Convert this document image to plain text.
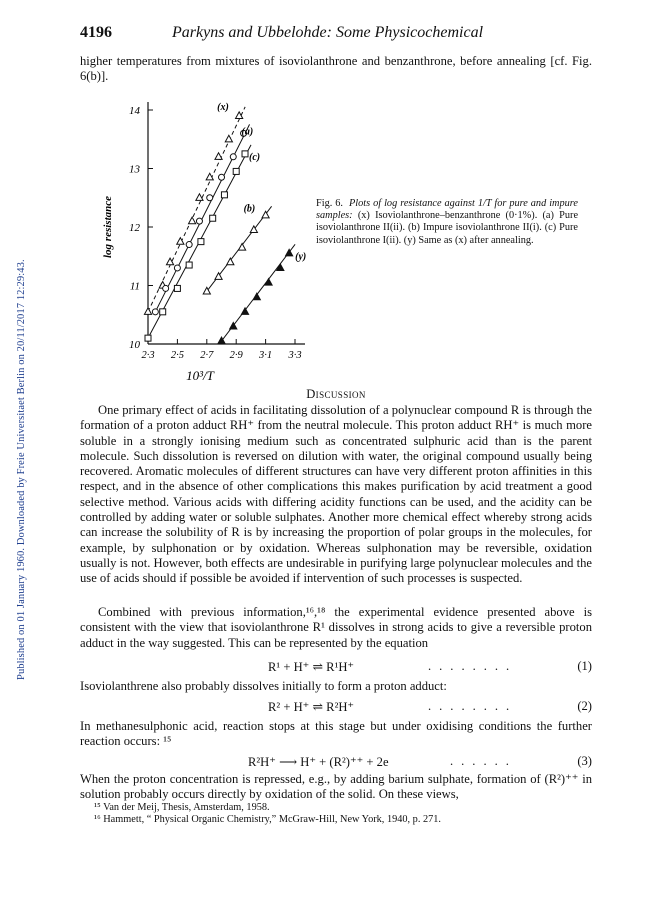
Published on 01 January 1960. Downloaded by Freie Universitaet Berlin on 20/11/2017 12:29:43.
4196	Parkyns and Ubbelohde: Some Physicochemical

higher temperatures from mixtures of isoviolanthrone and benzanthrone, before annealing [cf. Fig. 6(b)].

14
13
12
11
10
2·3 2·5 2·7 2·9 3·1 3·3
(x)
(a)
(c)
(b)
(y)
log resistance
10³/T

Fig. 6. Plots of log resistance against 1/T for pure and impure samples: (x) Isoviolanthrone–benzanthrone (0·1%). (a) Pure isoviolanthrone II(ii). (b) Impure isoviolanthrone II(i). (c) Pure isoviolanthrone I(ii). (y) Same as (x) after annealing.

Discussion

One primary effect of acids in facilitating dissolution of a polynuclear compound R is through the formation of a proton adduct RH⁺ from the neutral molecule. This proton adduct RH⁺ is much more soluble in a strongly ionising medium such as concentrated sulphuric acid than is the parent molecule. Such dissolution is reversed on dilution with water, the original compound usually being recovered. Aromatic molecules of different structures can have very different proton affinities in this respect, and in the absence of other complications this makes purification by acid treatment a good selective method. Various acids with differing acidity functions can be used, and the acidity can be controlled by adding water or soluble sulphates. Another more chemical effect whereby strong acids can increase the solubility of R is by increasing the proportion of polar groups in the molecules, for example, by sulphonation or by oxidation. Whereas sulphonation may be reversible, oxidation usually is not. However, both effects are undesirable in purifying large polynuclear molecules and the use of acids should if possible be avoided if intervention of such processes is suspected.

Combined with previous information,¹⁶,¹⁸ the experimental evidence presented above is consistent with the view that isoviolanthrone R¹ dissolves in strong acids to give a reversible proton adduct in the way suggested. This can be represented by the equation

R¹ + H⁺ ⇌ R¹H⁺	........	(1)

Isoviolanthrene also probably dissolves initially to form a proton adduct:

R² + H⁺ ⇌ R²H⁺	........	(2)

In methanesulphonic acid, reaction stops at this stage but under oxidising conditions the further reaction occurs: ¹⁵

R²H⁺ ⟶ H⁺ + (R²)⁺⁺ + 2e	......	(3)

When the proton concentration is repressed, e.g., by adding barium sulphate, formation of (R²)⁺⁺ in solution probably occurs directly by oxidation of the solid. On these views,

¹⁵ Van der Meij, Thesis, Amsterdam, 1958.
¹⁶ Hammett, “ Physical Organic Chemistry,” McGraw-Hill, New York, 1940, p. 271.
